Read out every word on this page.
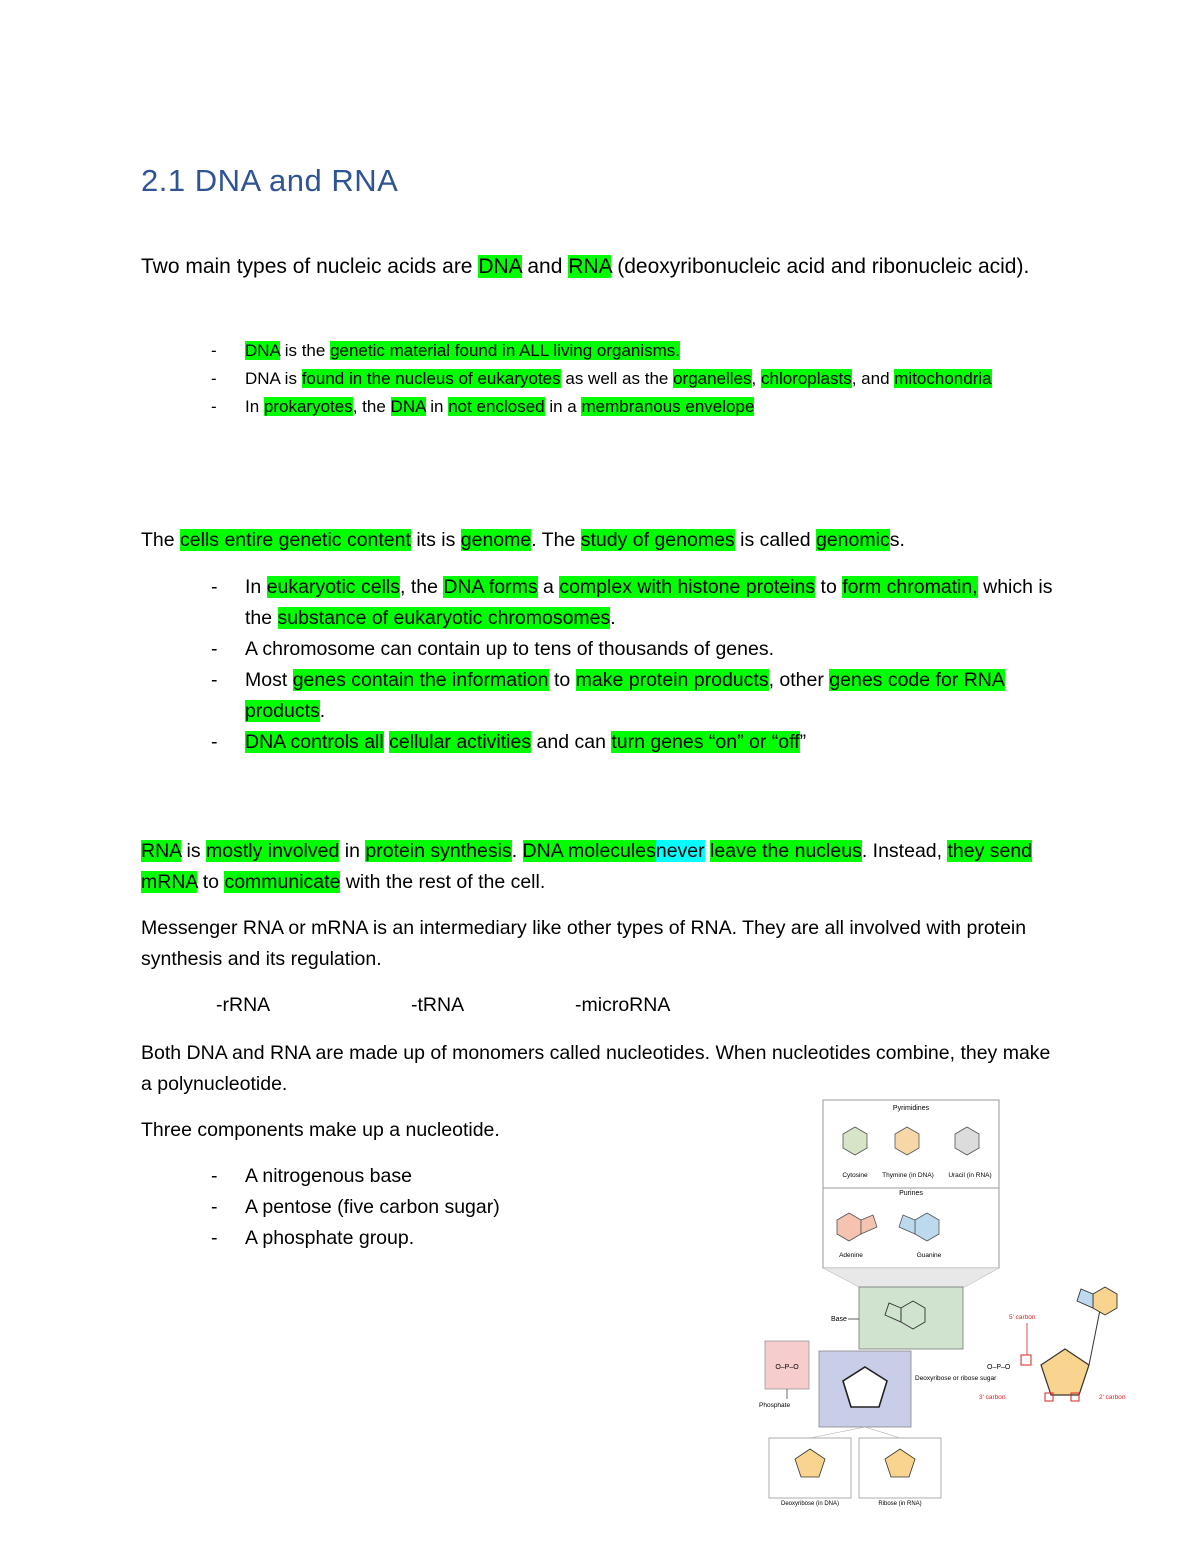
2.1 DNA and RNA
Two main types of nucleic acids are DNA and RNA (deoxyribonucleic acid and ribonucleic acid).
- DNA is the genetic material found in ALL living organisms.
- DNA is found in the nucleus of eukaryotes as well as the organelles, chloroplasts, and mitochondria
- In prokaryotes, the DNA in not enclosed in a membranous envelope
The cells entire genetic content its is genome. The study of genomes is called genomics.
- In eukaryotic cells, the DNA forms a complex with histone proteins to form chromatin, which is the substance of eukaryotic chromosomes.
- A chromosome can contain up to tens of thousands of genes.
- Most genes contain the information to make protein products, other genes code for RNA products.
- DNA controls all cellular activities and can turn genes “on” or “off”
RNA is mostly involved in protein synthesis. DNA moleculesnever leave the nucleus. Instead, they send mRNA to communicate with the rest of the cell.
Messenger RNA or mRNA is an intermediary like other types of RNA. They are all involved with protein synthesis and its regulation.
-rRNA	-tRNA	-microRNA
Both DNA and RNA are made up of monomers called nucleotides. When nucleotides combine, they make a polynucleotide.
Three components make up a nucleotide.
- A nitrogenous base
- A pentose (five carbon sugar)
- A phosphate group.
Pyrimidines
Cytosine Thymine (in DNA) Uracil (in RNA)
Purines
Adenine	Guanine
Base
O–P–O
Phosphate
Deoxyribose or ribose sugar
Deoxyribose (in DNA)	Ribose (in RNA)
O–P–O
5' carbon
3' carbon	2' carbon
